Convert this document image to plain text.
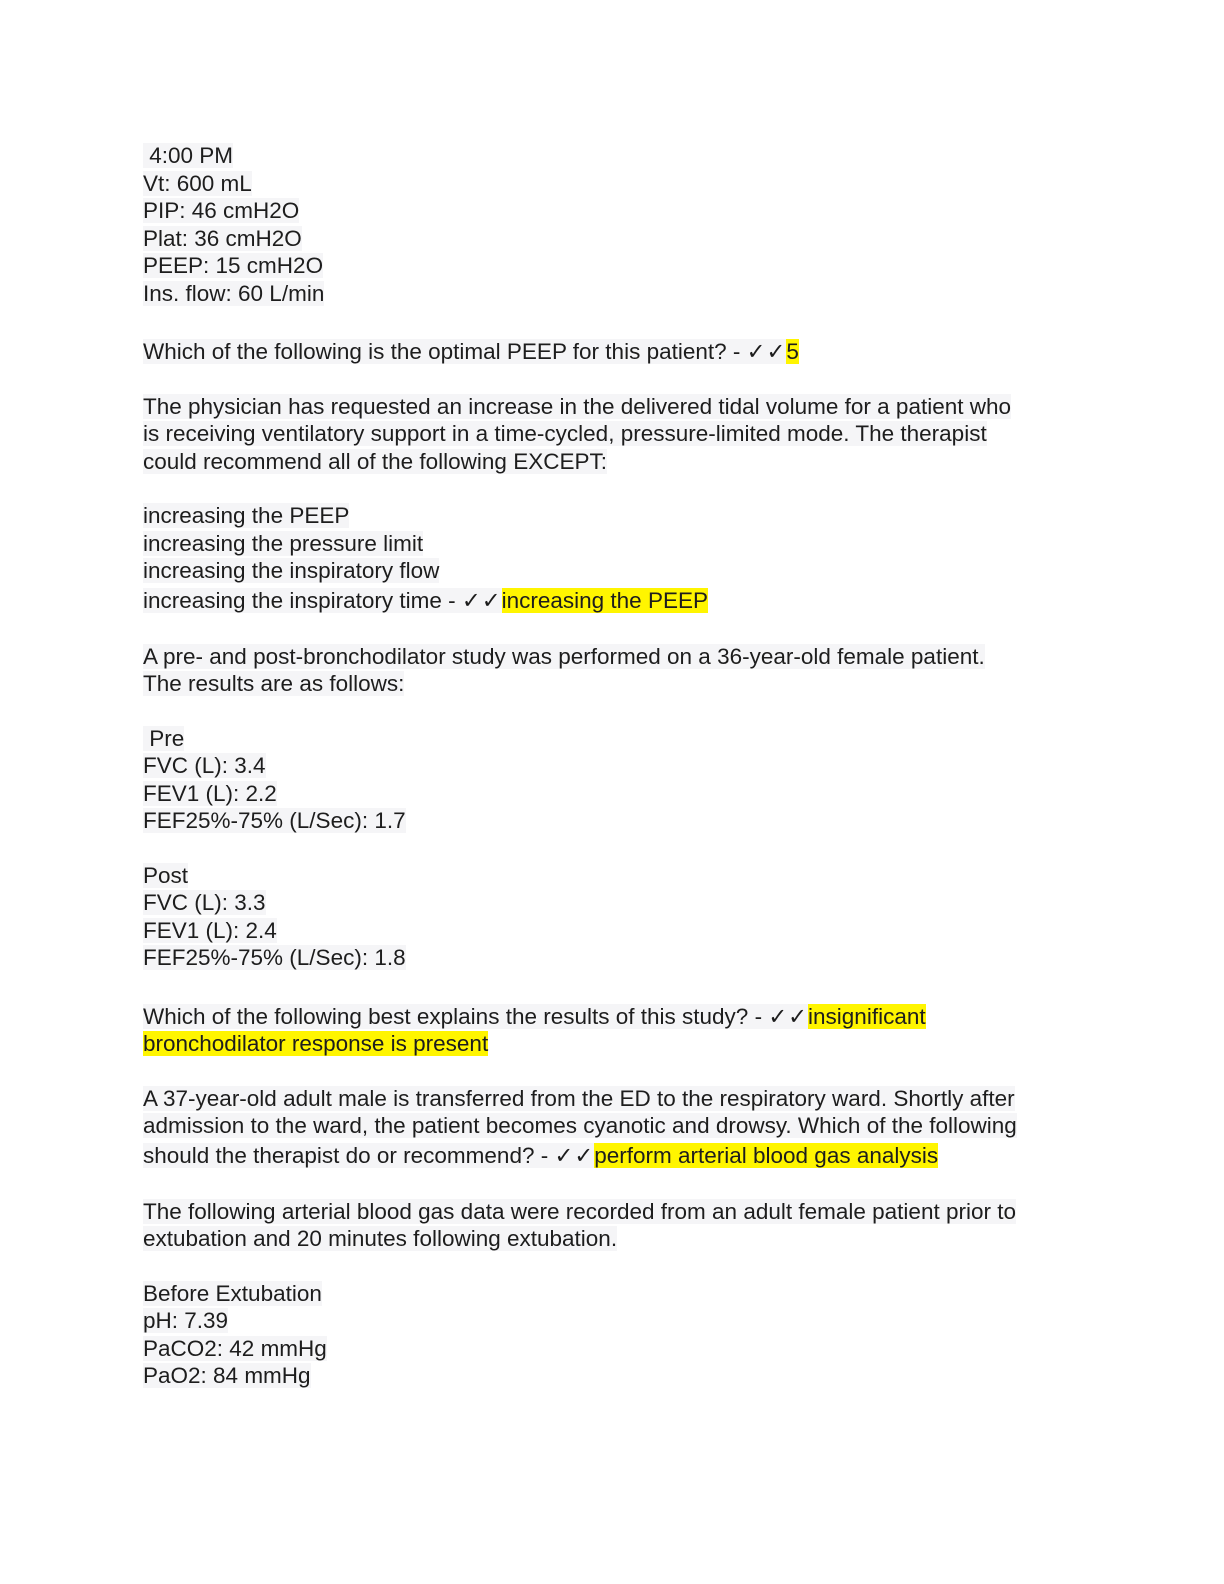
4:00 PM
Vt: 600 mL
PIP: 46 cmH2O
Plat: 36 cmH2O
PEEP: 15 cmH2O
Ins. flow: 60 L/min
Which of the following is the optimal PEEP for this patient? - ✓✓5
The physician has requested an increase in the delivered tidal volume for a patient who
is receiving ventilatory support in a time-cycled, pressure-limited mode. The therapist
could recommend all of the following EXCEPT:
increasing the PEEP
increasing the pressure limit
increasing the inspiratory flow
increasing the inspiratory time - ✓✓increasing the PEEP
A pre- and post-bronchodilator study was performed on a 36-year-old female patient.
The results are as follows:
Pre
FVC (L): 3.4
FEV1 (L): 2.2
FEF25%-75% (L/Sec): 1.7
Post
FVC (L): 3.3
FEV1 (L): 2.4
FEF25%-75% (L/Sec): 1.8
Which of the following best explains the results of this study? - ✓✓insignificant
bronchodilator response is present
A 37-year-old adult male is transferred from the ED to the respiratory ward. Shortly after
admission to the ward, the patient becomes cyanotic and drowsy. Which of the following
should the therapist do or recommend? - ✓✓perform arterial blood gas analysis
The following arterial blood gas data were recorded from an adult female patient prior to
extubation and 20 minutes following extubation.
Before Extubation
pH: 7.39
PaCO2: 42 mmHg
PaO2: 84 mmHg
